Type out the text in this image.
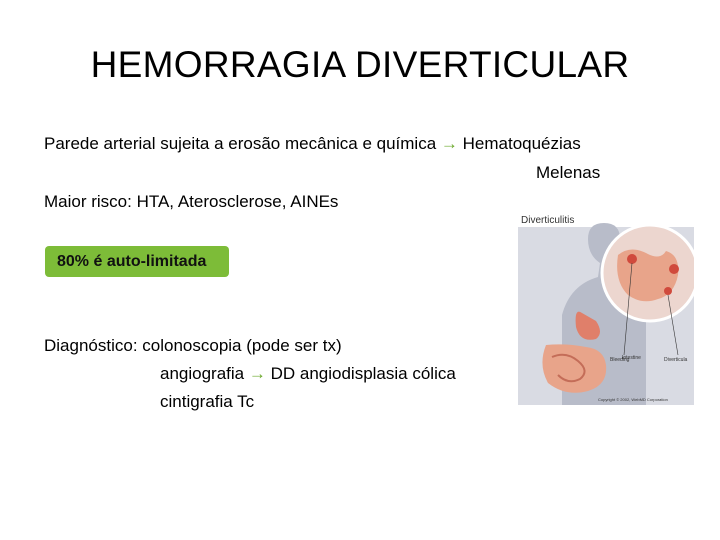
HEMORRAGIA DIVERTICULAR
Parede arterial sujeita a erosão mecânica e química → Hematoquézias
Melenas
Maior risco: HTA, Aterosclerose, AINEs
80% é auto-limitada
Diagnóstico: colonoscopia (pode ser tx)
angiografia → DD angiodisplasia cólica
cintigrafia Tc
Diverticulitis
Bleeding	Diverticula
Intestine
Copyright © 2002, WebMD Corporation
